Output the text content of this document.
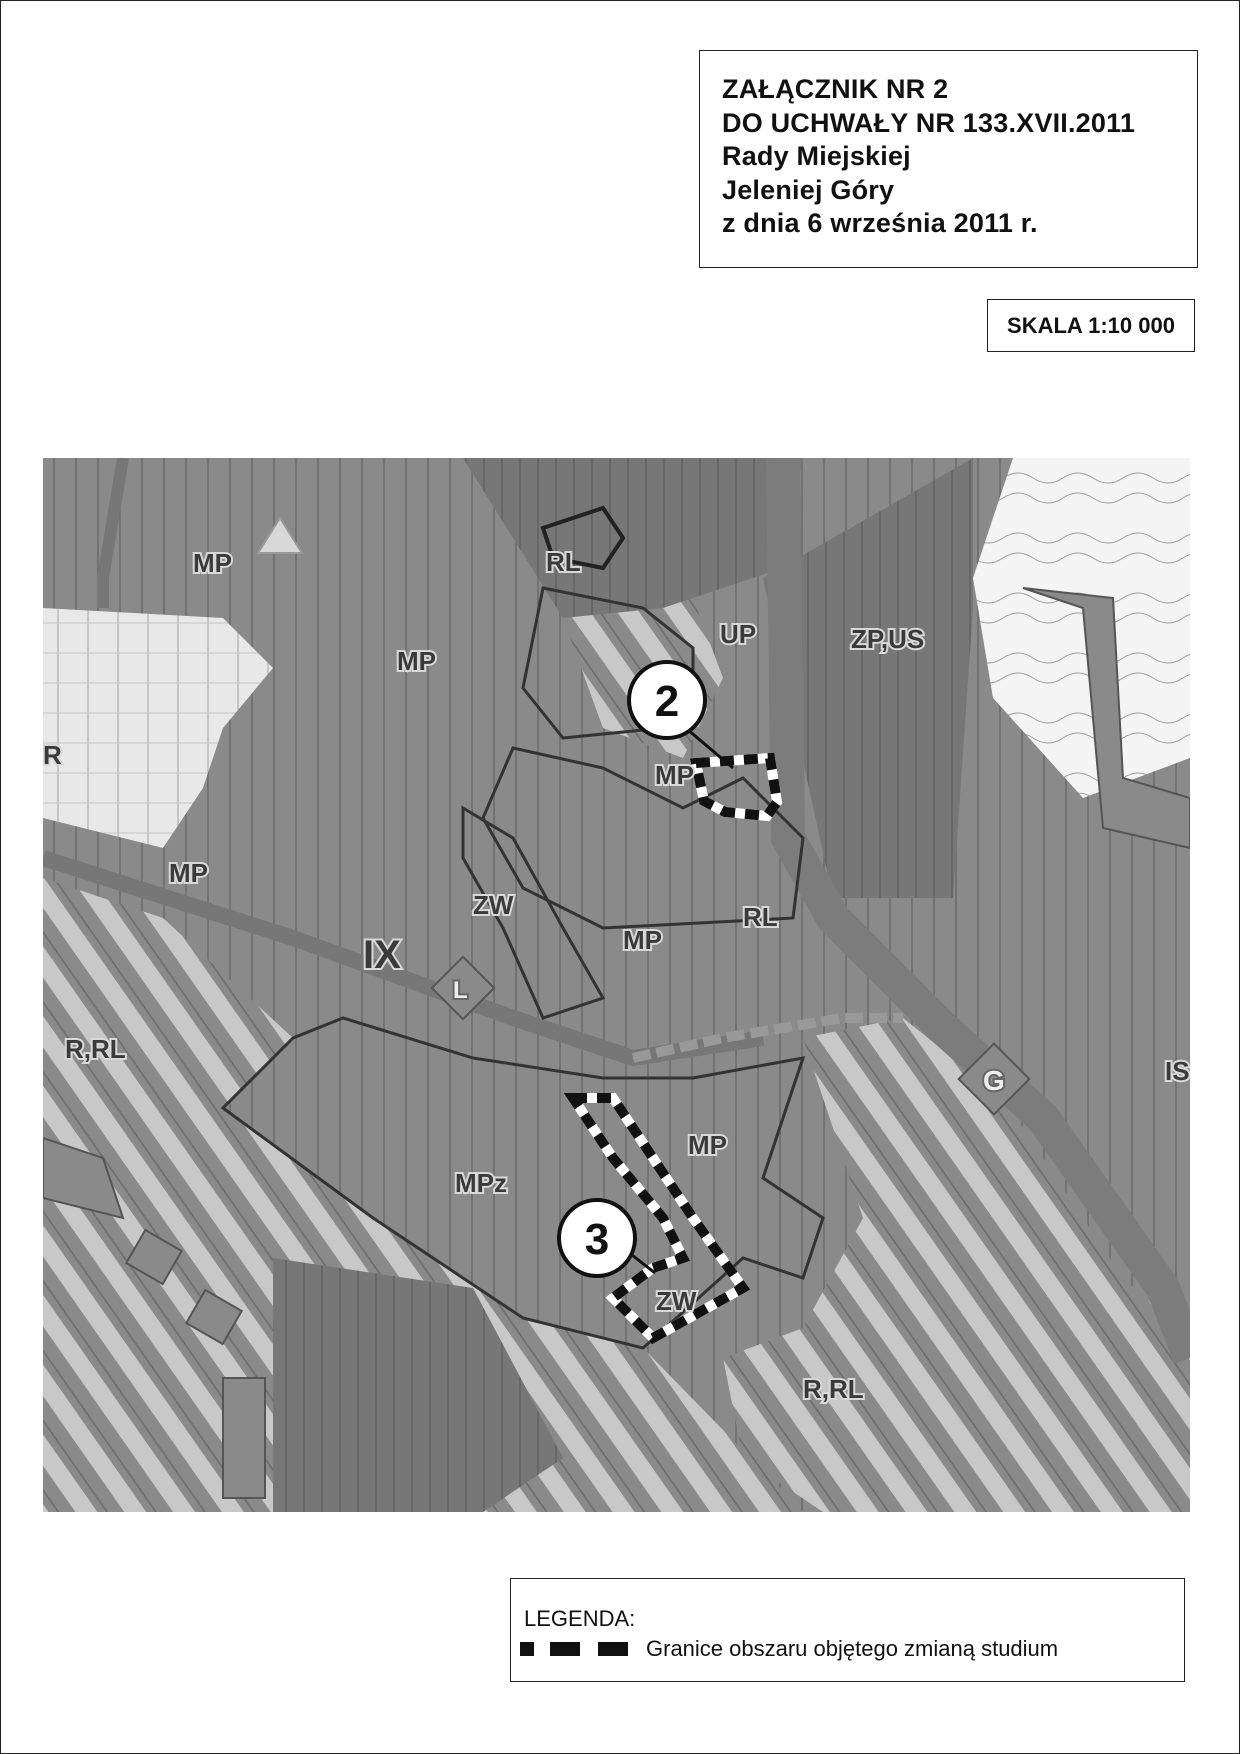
ZAŁĄCZNIK NR 2
DO UCHWAŁY NR 133.XVII.2011
Rady Miejskiej
Jeleniej Góry
z dnia 6 września 2011 r.
SKALA 1:10 000
MP	RL
UP	ZP,US
MP
MP
R
MP
ZW	RL
MP
IX
R,RL
MP
MPz
ZW
R,RL
IS
L
G
2
3
LEGENDA:
Granice obszaru objętego zmianą studium
